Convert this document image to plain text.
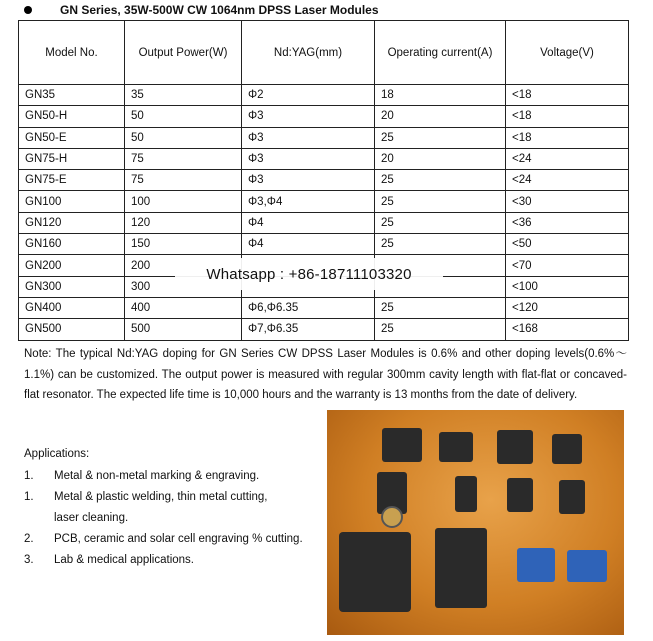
GN Series, 35W-500W CW 1064nm DPSS Laser Modules
Model No.	Output Power(W)	Nd:YAG(mm)	Operating current(A)	Voltage(V)
GN35	35	Φ2	18	<18
GN50-H	50	Φ3	20	<18
GN50-E	50	Φ3	25	<18
GN75-H	75	Φ3	20	<24
GN75-E	75	Φ3	25	<24
GN100	100	Φ3,Φ4	25	<30
GN120	120	Φ4	25	<36
GN160	150	Φ4	25	<50
GN200	200			<70
GN300	300			<100
GN400	400	Φ6,Φ6.35	25	<120
GN500	500	Φ7,Φ6.35	25	<168
Whatsapp : +86-18711103320
Note: The typical Nd:YAG doping for GN Series CW DPSS Laser Modules is 0.6% and other doping levels(0.6%～1.1%) can be customized. The output power is measured with regular 300mm cavity length with flat-flat or concaved-flat resonator. The expected life time is 10,000 hours and the warranty is 13 months from the date of delivery.
Applications:
1. Metal & non-metal marking & engraving.
1. Metal & plastic welding, thin metal cutting,
laser cleaning.
2. PCB, ceramic and solar cell engraving % cutting.
3. Lab & medical applications.
